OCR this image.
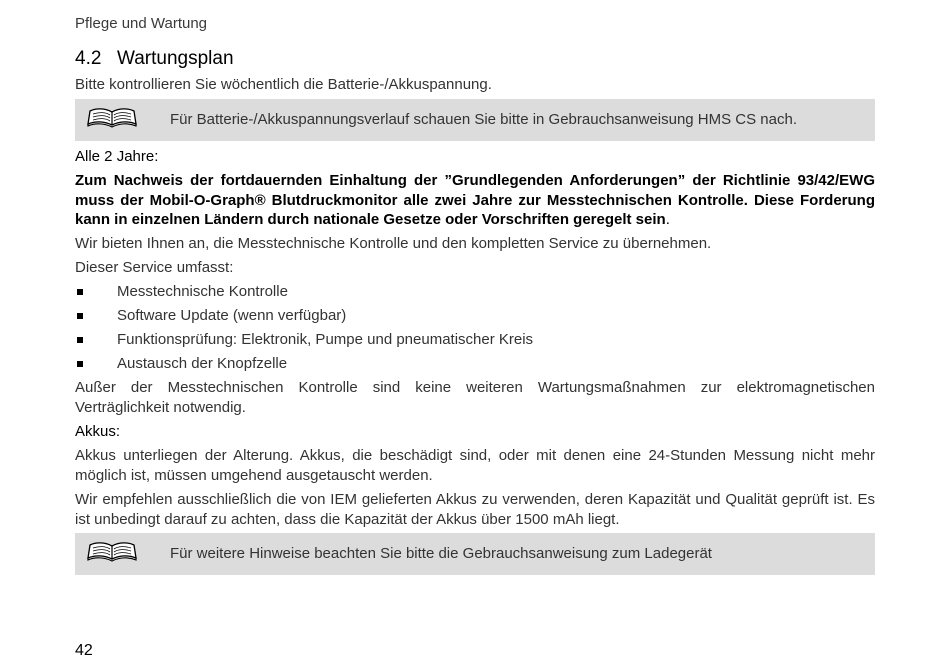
Pflege und Wartung
4.2 Wartungsplan
Bitte kontrollieren Sie wöchentlich die Batterie-/Akkuspannung.
Für Batterie-/Akkuspannungsverlauf schauen Sie bitte in Gebrauchsanweisung HMS CS nach.
Alle 2 Jahre:
Zum Nachweis der fortdauernden Einhaltung der ”Grundlegenden Anforderungen” der Richtlinie 93/42/EWG muss der Mobil-O-Graph® Blutdruckmonitor alle zwei Jahre zur Messtechnischen Kontrolle. Diese Forderung kann in einzelnen Ländern durch nationale Gesetze oder Vorschriften geregelt sein.
Wir bieten Ihnen an, die Messtechnische Kontrolle und den kompletten Service zu übernehmen.
Dieser Service umfasst:
Messtechnische Kontrolle
Software Update (wenn verfügbar)
Funktionsprüfung: Elektronik, Pumpe und pneumatischer Kreis
Austausch der Knopfzelle
Außer der Messtechnischen Kontrolle sind keine weiteren Wartungsmaßnahmen zur elektromagnetischen Verträglichkeit notwendig.
Akkus:
Akkus unterliegen der Alterung. Akkus, die beschädigt sind, oder mit denen eine 24-Stunden Messung nicht mehr möglich ist, müssen umgehend ausgetauscht werden.
Wir empfehlen ausschließlich die von IEM gelieferten Akkus zu verwenden, deren Kapazität und Qualität geprüft ist. Es ist unbedingt darauf zu achten, dass die Kapazität der Akkus über 1500 mAh liegt.
Für weitere Hinweise beachten Sie bitte die Gebrauchsanweisung zum Ladegerät
42
